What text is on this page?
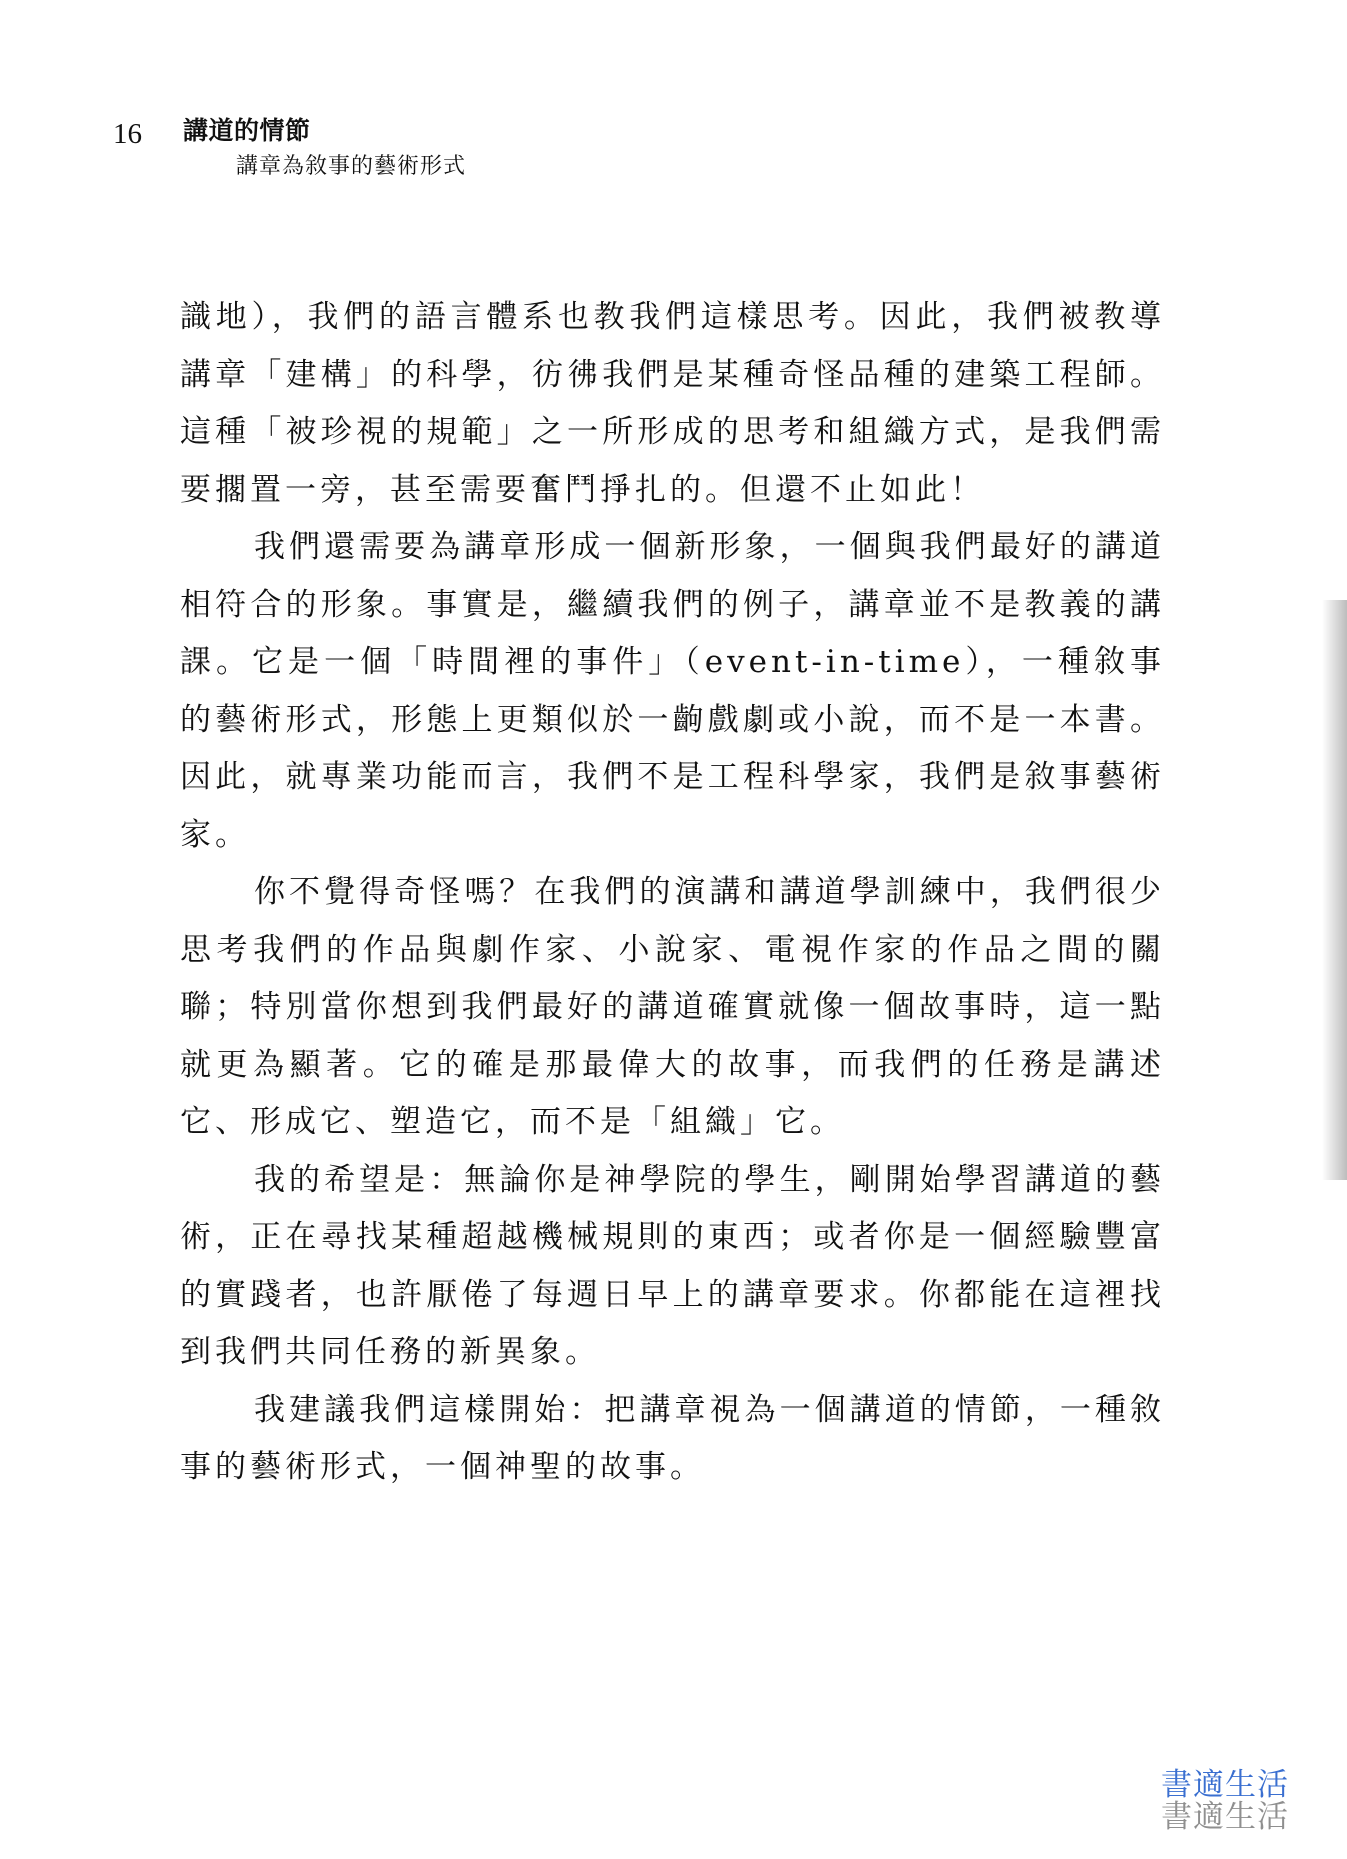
16 講道的情節
講章為敘事的藝術形式

識地），我們的語言體系也教我們這樣思考。因此，我們被教導講章「建構」的科學，彷彿我們是某種奇怪品種的建築工程師。這種「被珍視的規範」之一所形成的思考和組織方式，是我們需要擱置一旁，甚至需要奮鬥掙扎的。但還不止如此！

我們還需要為講章形成一個新形象，一個與我們最好的講道相符合的形象。事實是，繼續我們的例子，講章並不是教義的講課。它是一個「時間裡的事件」（event-in-time），一種敘事的藝術形式，形態上更類似於一齣戲劇或小說，而不是一本書。因此，就專業功能而言，我們不是工程科學家，我們是敘事藝術家。

你不覺得奇怪嗎？在我們的演講和講道學訓練中，我們很少思考我們的作品與劇作家、小說家、電視作家的作品之間的關聯；特別當你想到我們最好的講道確實就像一個故事時，這一點就更為顯著。它的確是那最偉大的故事，而我們的任務是講述它、形成它、塑造它，而不是「組織」它。

我的希望是：無論你是神學院的學生，剛開始學習講道的藝術，正在尋找某種超越機械規則的東西；或者你是一個經驗豐富的實踐者，也許厭倦了每週日早上的講章要求。你都能在這裡找到我們共同任務的新異象。

我建議我們這樣開始：把講章視為一個講道的情節，一種敘事的藝術形式，一個神聖的故事。

書適生活
書適生活
